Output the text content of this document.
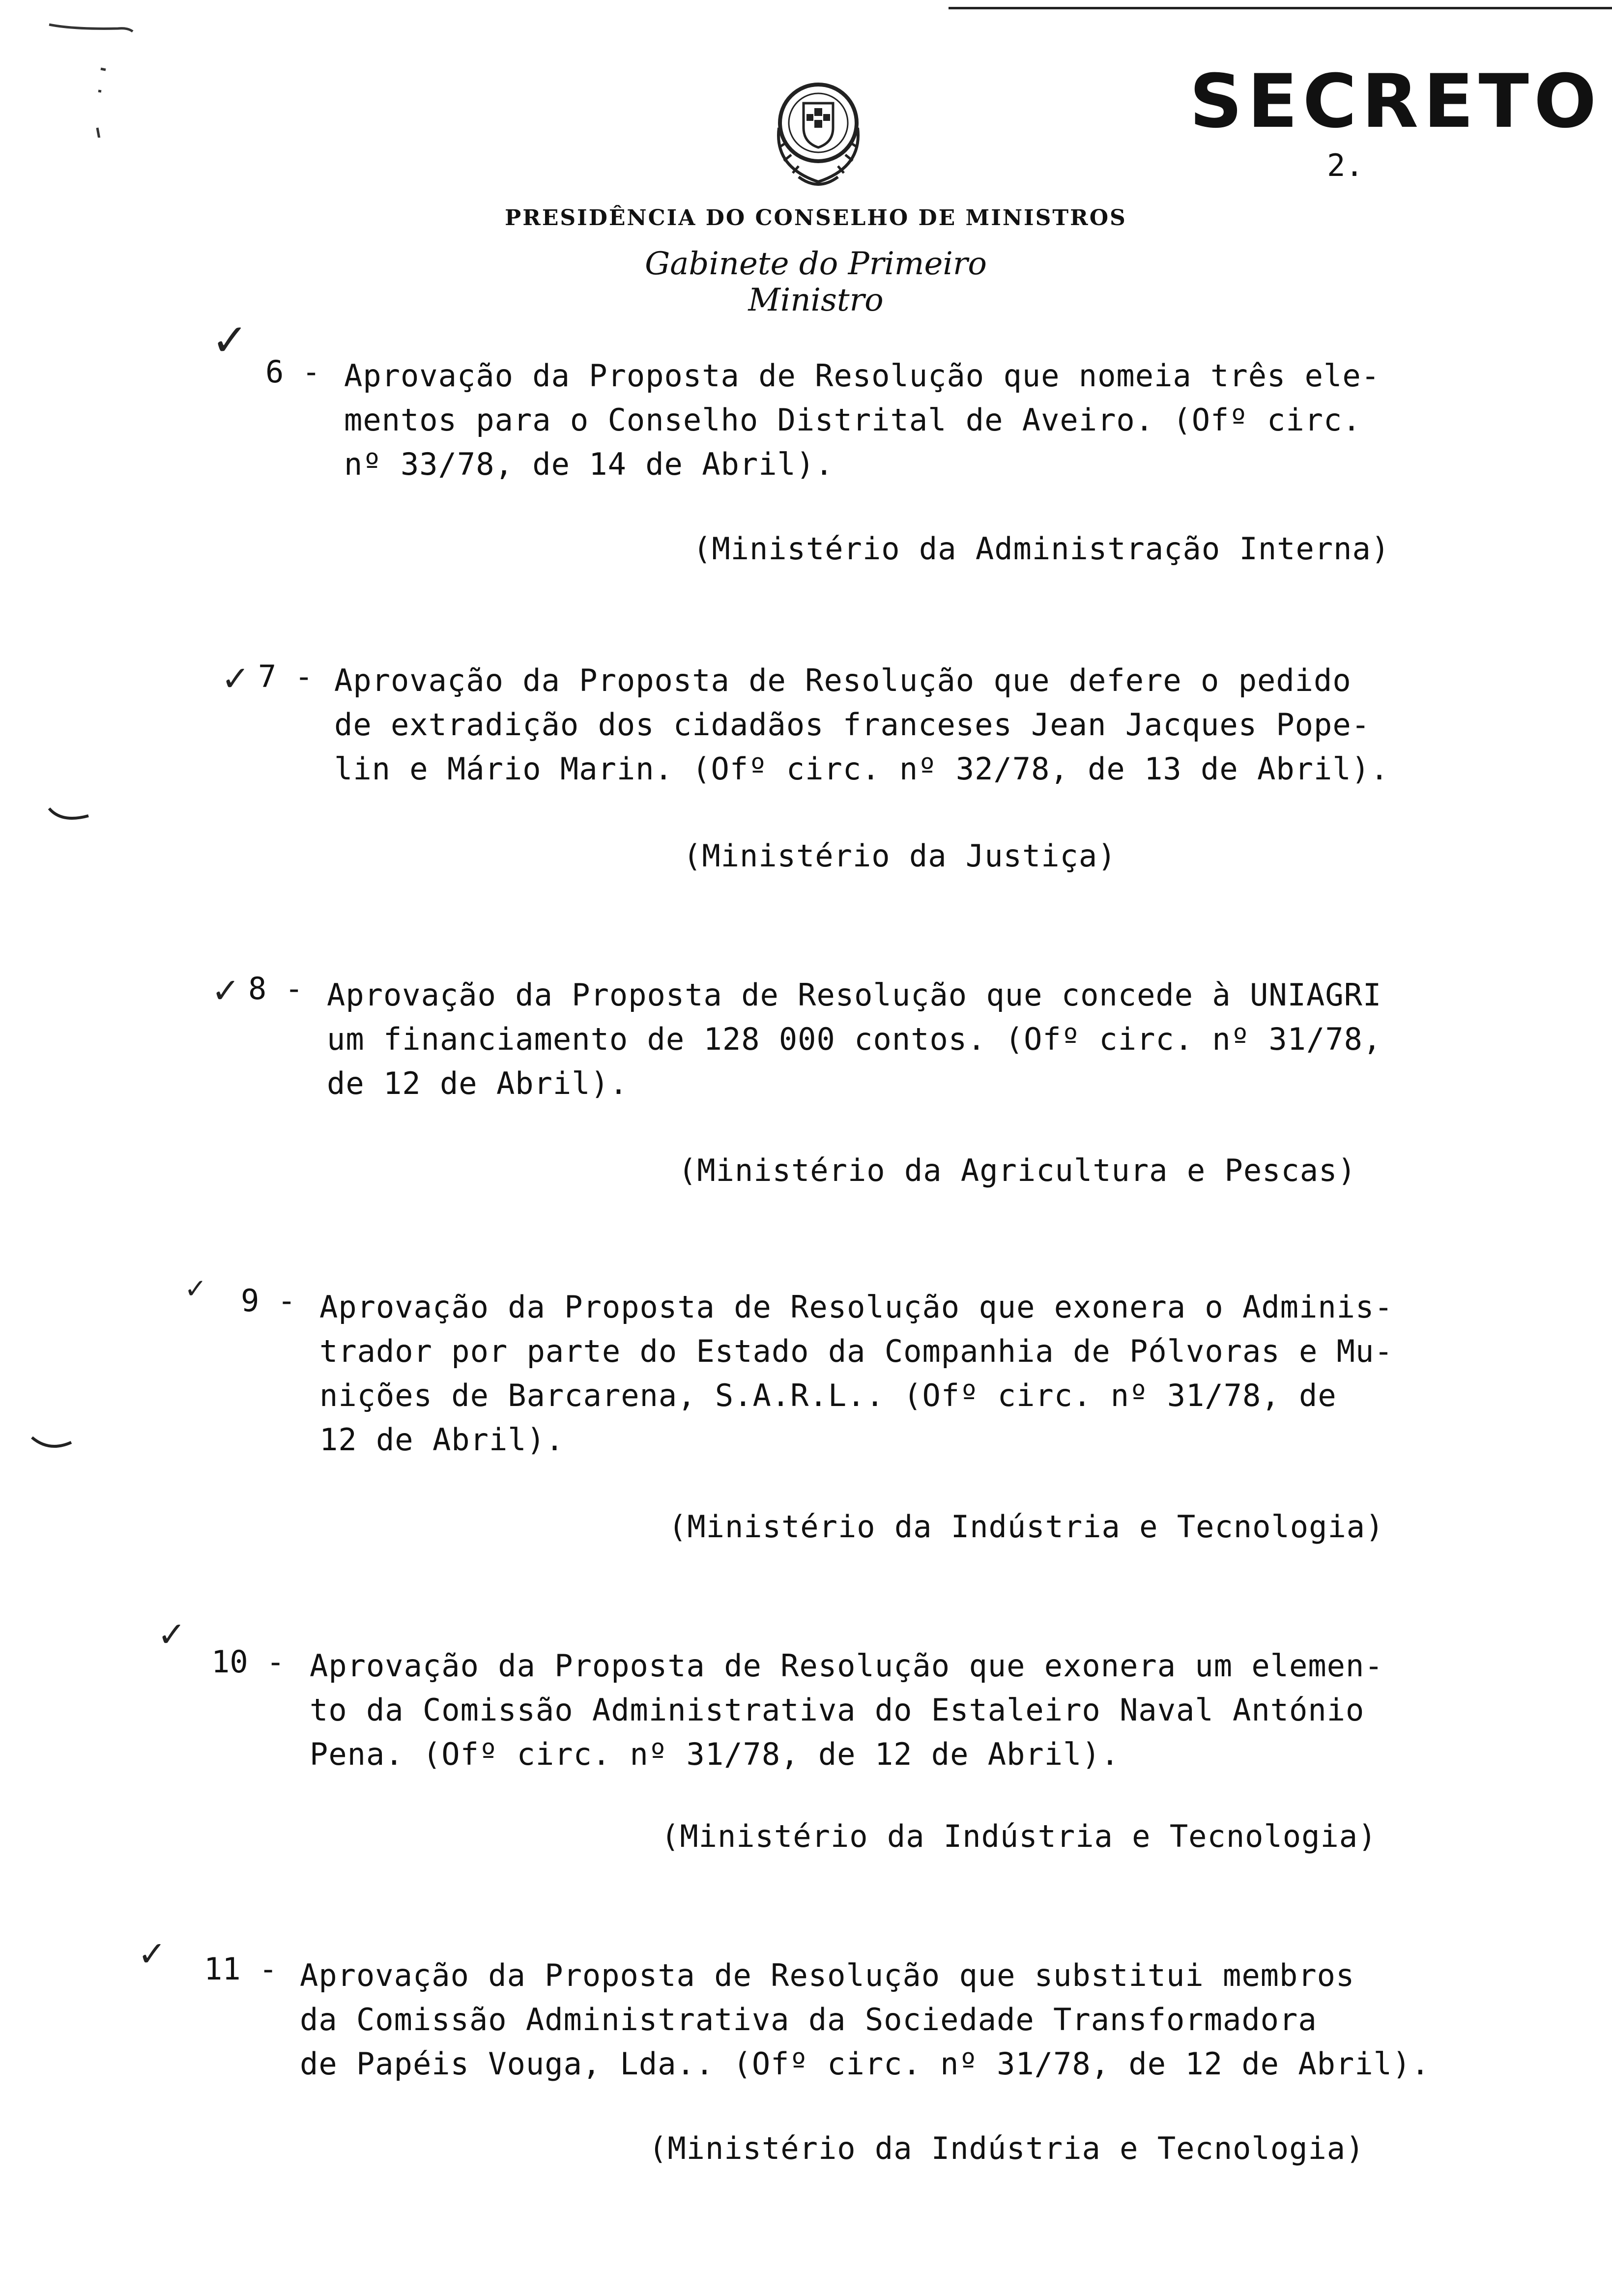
SECRETO
2.
PRESIDÊNCIA DO CONSELHO DE MINISTROS
Gabinete do Primeiro Ministro
✓
6 - Aprovação da Proposta de Resolução que nomeia três ele-
mentos para o Conselho Distrital de Aveiro. (Ofº circ.
nº 33/78, de 14 de Abril).
(Ministério da Administração Interna)
✓ 7 - Aprovação da Proposta de Resolução que defere o pedido
de extradição dos cidadãos franceses Jean Jacques Pope-
lin e Mário Marin. (Ofº circ. nº 32/78, de 13 de Abril).
(Ministério da Justiça)
✓ 8 - Aprovação da Proposta de Resolução que concede à UNIAGRI
um financiamento de 128 000 contos. (Ofº circ. nº 31/78,
de 12 de Abril).
(Ministério da Agricultura e Pescas)
✓ 9 - Aprovação da Proposta de Resolução que exonera o Adminis-
trador por parte do Estado da Companhia de Pólvoras e Mu-
nições de Barcarena, S.A.R.L.. (Ofº circ. nº 31/78, de
12 de Abril).
(Ministério da Indústria e Tecnologia)
✓
10 - Aprovação da Proposta de Resolução que exonera um elemen-
to da Comissão Administrativa do Estaleiro Naval António
Pena. (Ofº circ. nº 31/78, de 12 de Abril).
(Ministério da Indústria e Tecnologia)
✓ 11 - Aprovação da Proposta de Resolução que substitui membros
da Comissão Administrativa da Sociedade Transformadora
de Papéis Vouga, Lda.. (Ofº circ. nº 31/78, de 12 de Abril).
(Ministério da Indústria e Tecnologia)
